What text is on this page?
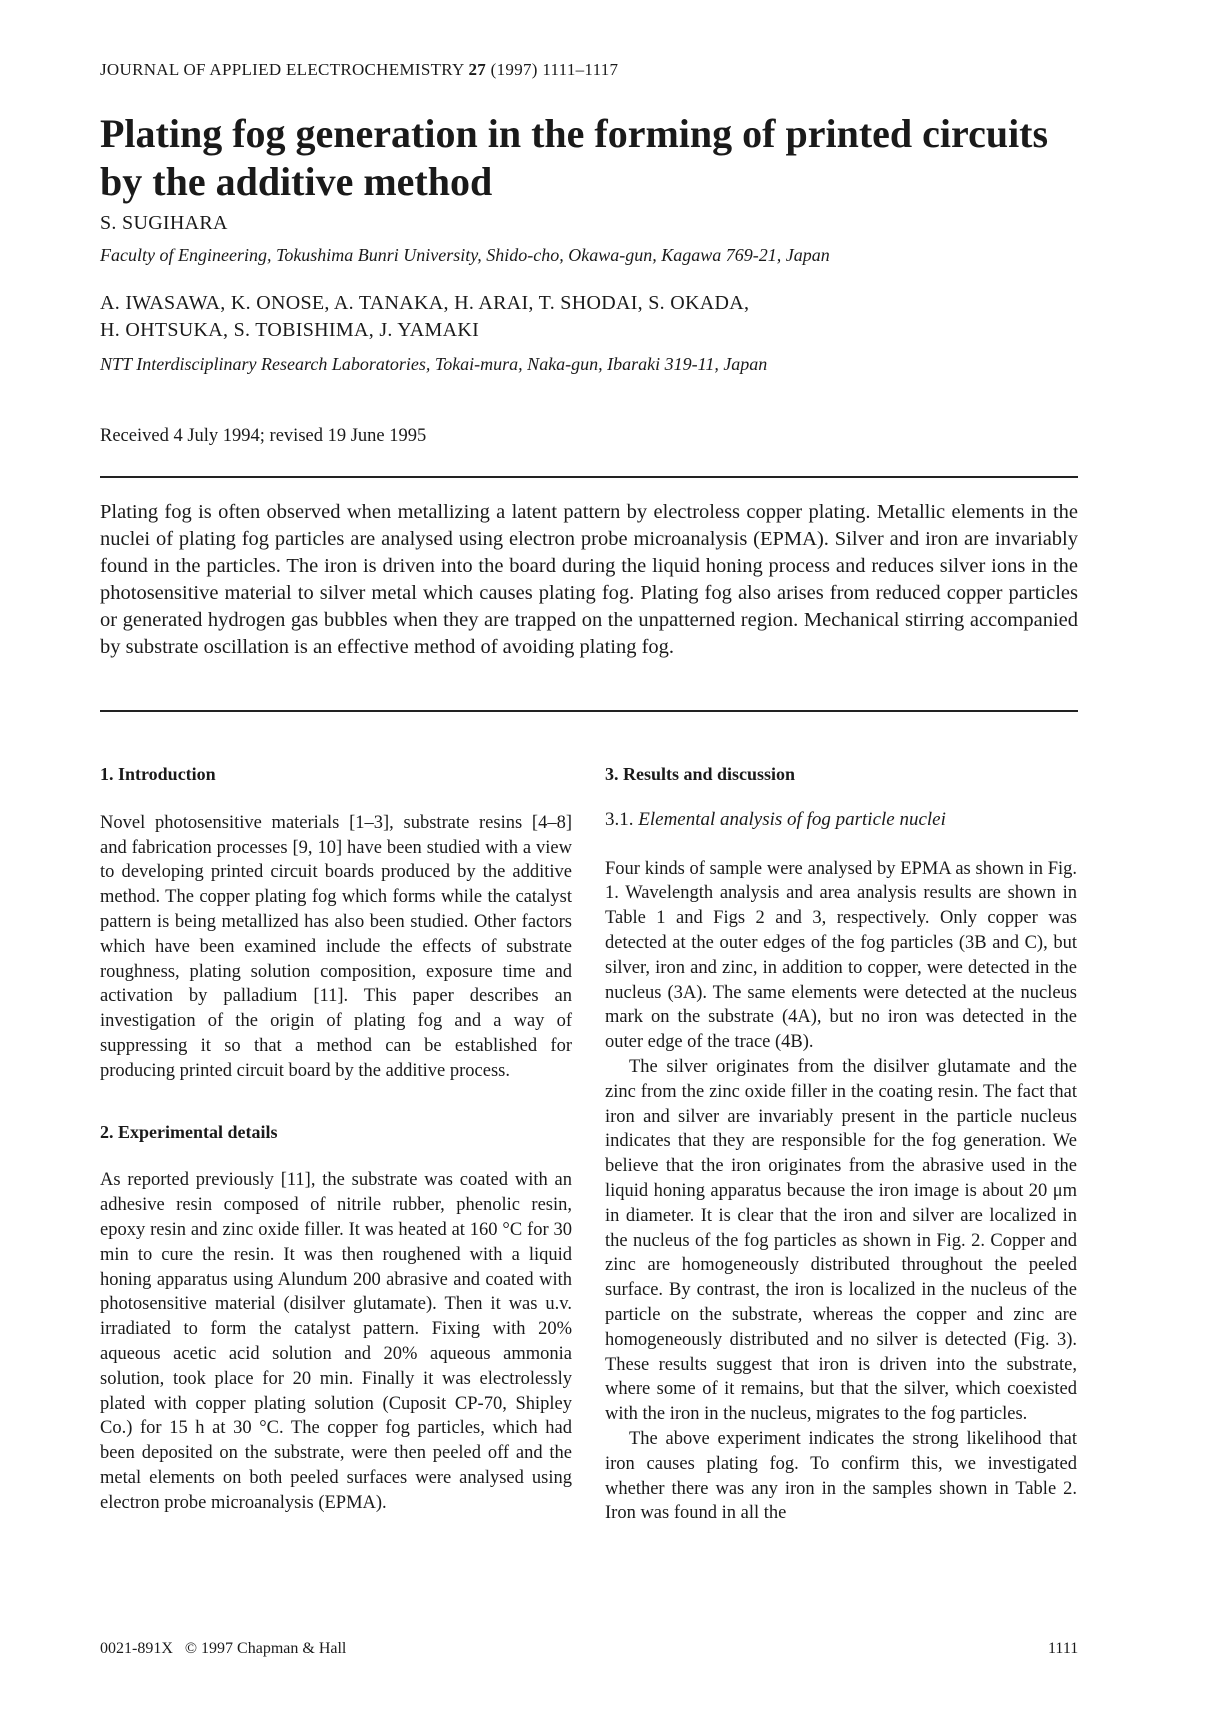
JOURNAL OF APPLIED ELECTROCHEMISTRY 27 (1997) 1111–1117
Plating fog generation in the forming of printed circuits by the additive method
S. SUGIHARA
Faculty of Engineering, Tokushima Bunri University, Shido-cho, Okawa-gun, Kagawa 769-21, Japan
A. IWASAWA, K. ONOSE, A. TANAKA, H. ARAI, T. SHODAI, S. OKADA,
H. OHTSUKA, S. TOBISHIMA, J. YAMAKI
NTT Interdisciplinary Research Laboratories, Tokai-mura, Naka-gun, Ibaraki 319-11, Japan
Received 4 July 1994; revised 19 June 1995
Plating fog is often observed when metallizing a latent pattern by electroless copper plating. Metallic elements in the nuclei of plating fog particles are analysed using electron probe microanalysis (EPMA). Silver and iron are invariably found in the particles. The iron is driven into the board during the liquid honing process and reduces silver ions in the photosensitive material to silver metal which causes plating fog. Plating fog also arises from reduced copper particles or generated hydrogen gas bubbles when they are trapped on the unpatterned region. Mechanical stirring accompanied by substrate oscillation is an effective method of avoiding plating fog.

1. Introduction

Novel photosensitive materials [1–3], substrate resins [4–8] and fabrication processes [9, 10] have been studied with a view to developing printed circuit boards produced by the additive method. The copper plating fog which forms while the catalyst pattern is being metallized has also been studied. Other factors which have been examined include the effects of substrate roughness, plating solution composition, exposure time and activation by palladium [11]. This paper describes an investigation of the origin of plating fog and a way of suppressing it so that a method can be established for producing printed circuit board by the additive process.

2. Experimental details

As reported previously [11], the substrate was coated with an adhesive resin composed of nitrile rubber, phenolic resin, epoxy resin and zinc oxide filler. It was heated at 160 °C for 30 min to cure the resin. It was then roughened with a liquid honing apparatus using Alundum 200 abrasive and coated with photosensitive material (disilver glutamate). Then it was u.v. irradiated to form the catalyst pattern. Fixing with 20% aqueous acetic acid solution and 20% aqueous ammonia solution, took place for 20 min. Finally it was electrolessly plated with copper plating solution (Cuposit CP-70, Shipley Co.) for 15 h at 30 °C. The copper fog particles, which had been deposited on the substrate, were then peeled off and the metal elements on both peeled surfaces were analysed using electron probe microanalysis (EPMA).

3. Results and discussion

3.1. Elemental analysis of fog particle nuclei

Four kinds of sample were analysed by EPMA as shown in Fig. 1. Wavelength analysis and area analysis results are shown in Table 1 and Figs 2 and 3, respectively. Only copper was detected at the outer edges of the fog particles (3B and C), but silver, iron and zinc, in addition to copper, were detected in the nucleus (3A). The same elements were detected at the nucleus mark on the substrate (4A), but no iron was detected in the outer edge of the trace (4B).

The silver originates from the disilver glutamate and the zinc from the zinc oxide filler in the coating resin. The fact that iron and silver are invariably present in the particle nucleus indicates that they are responsible for the fog generation. We believe that the iron originates from the abrasive used in the liquid honing apparatus because the iron image is about 20 μm in diameter. It is clear that the iron and silver are localized in the nucleus of the fog particles as shown in Fig. 2. Copper and zinc are homogeneously distributed throughout the peeled surface. By contrast, the iron is localized in the nucleus of the particle on the substrate, whereas the copper and zinc are homogeneously distributed and no silver is detected (Fig. 3). These results suggest that iron is driven into the substrate, where some of it remains, but that the silver, which coexisted with the iron in the nucleus, migrates to the fog particles.

The above experiment indicates the strong likelihood that iron causes plating fog. To confirm this, we investigated whether there was any iron in the samples shown in Table 2. Iron was found in all the

0021-891X © 1997 Chapman & Hall	1111
